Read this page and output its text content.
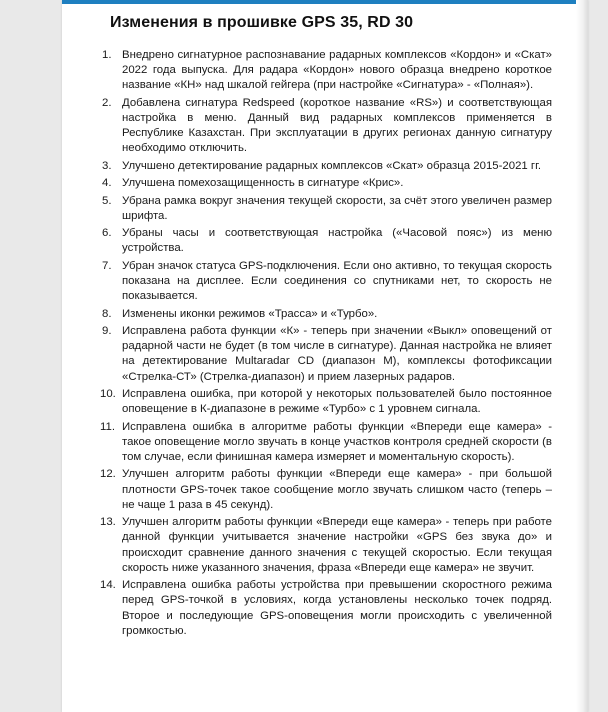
Изменения в прошивке GPS 35, RD 30
1. Внедрено сигнатурное распознавание радарных комплексов «Кордон» и «Скат» 2022 года выпуска. Для радара «Кордон» нового образца внедрено короткое название «КН» над шкалой гейгера (при настройке «Сигнатура» - «Полная»).
2. Добавлена сигнатура Redspeed (короткое название «RS») и соответствующая настройка в меню. Данный вид радарных комплексов применяется в Республике Казахстан. При эксплуатации в других регионах данную сигнатуру необходимо отключить.
3. Улучшено детектирование радарных комплексов «Скат» образца 2015-2021 гг.
4. Улучшена помехозащищенность в сигнатуре «Крис».
5. Убрана рамка вокруг значения текущей скорости, за счёт этого увеличен размер шрифта.
6. Убраны часы и соответствующая настройка («Часовой пояс») из меню устройства.
7. Убран значок статуса GPS-подключения. Если оно активно, то текущая скорость показана на дисплее. Если соединения со спутниками нет, то скорость не показывается.
8. Изменены иконки режимов «Трасса» и «Турбо».
9. Исправлена работа функции «К» - теперь при значении «Выкл» оповещений от радарной части не будет (в том числе в сигнатуре). Данная настройка не влияет на детектирование Multaradar CD (диапазон М), комплексы фотофиксации «Стрелка-СТ» (Стрелка-диапазон) и прием лазерных радаров.
10. Исправлена ошибка, при которой у некоторых пользователей было постоянное оповещение в К-диапазоне в режиме «Турбо» с 1 уровнем сигнала.
11. Исправлена ошибка в алгоритме работы функции «Впереди еще камера» - такое оповещение могло звучать в конце участков контроля средней скорости (в том случае, если финишная камера измеряет и моментальную скорость).
12. Улучшен алгоритм работы функции «Впереди еще камера» - при большой плотности GPS-точек такое сообщение могло звучать слишком часто (теперь – не чаще 1 раза в 45 секунд).
13. Улучшен алгоритм работы функции «Впереди еще камера» - теперь при работе данной функции учитывается значение настройки «GPS без звука до» и происходит сравнение данного значения с текущей скоростью. Если текущая скорость ниже указанного значения, фраза «Впереди еще камера» не звучит.
14. Исправлена ошибка работы устройства при превышении скоростного режима перед GPS-точкой в условиях, когда установлены несколько точек подряд. Второе и последующие GPS-оповещения могли происходить с увеличенной громкостью.
